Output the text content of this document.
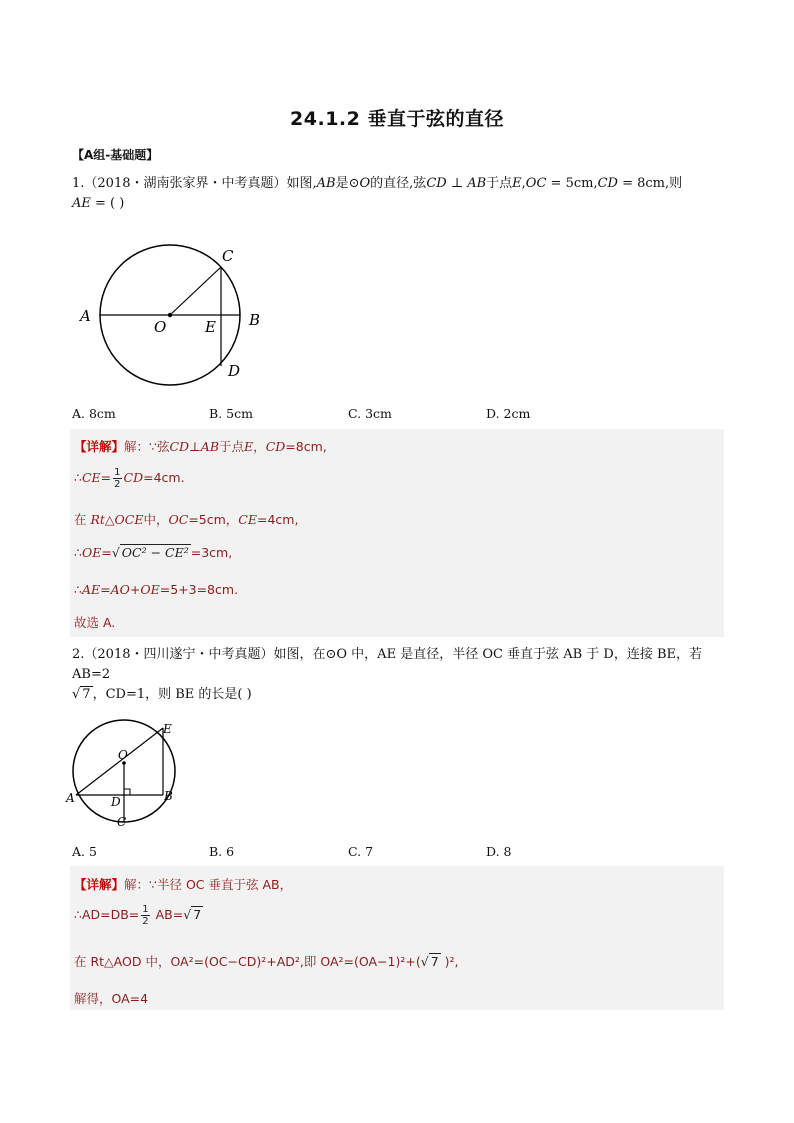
24.1.2 垂直于弦的直径
【A组-基础题】
1.（2018・湖南张家界・中考真题）如图,AB是⊙O的直径,弦CD ⊥ AB于点E,OC = 5cm,CD = 8cm,则
AE = ( )
A
O	E B
C
D
A. 8cm	B. 5cm	C. 3cm	D. 2cm
【详解】解：∵弦CD⊥AB于点E，CD=8cm,
∴CE= $\frac{1}{2} CD=4cm$.
在 Rt△OCE中，OC=5cm，CE=4cm,
∴OE=√ OC² − CE² =3cm,
∴AE=AO+OE=5+3=8cm.
故选 A.
2.（2018・四川遂宁・中考真题）如图，在⊙O 中，AE 是直径，半径 OC 垂直于弦 AB 于 D，连接 BE，若 AB=2
√ 7 ，CD=1，则 BE 的长是( )
E
O
A	D	B
C
A. 5	B. 6	C. 7	D. 8
【详解】解：∵半径 OC 垂直于弦 AB，
∴AD=DB= $\frac{1}{2} AB=√$ 7
在 Rt△AOD 中，OA²=(OC−CD)²+AD²,即 OA²=(OA−1)²+(√ 7 )²,
解得，OA=4
